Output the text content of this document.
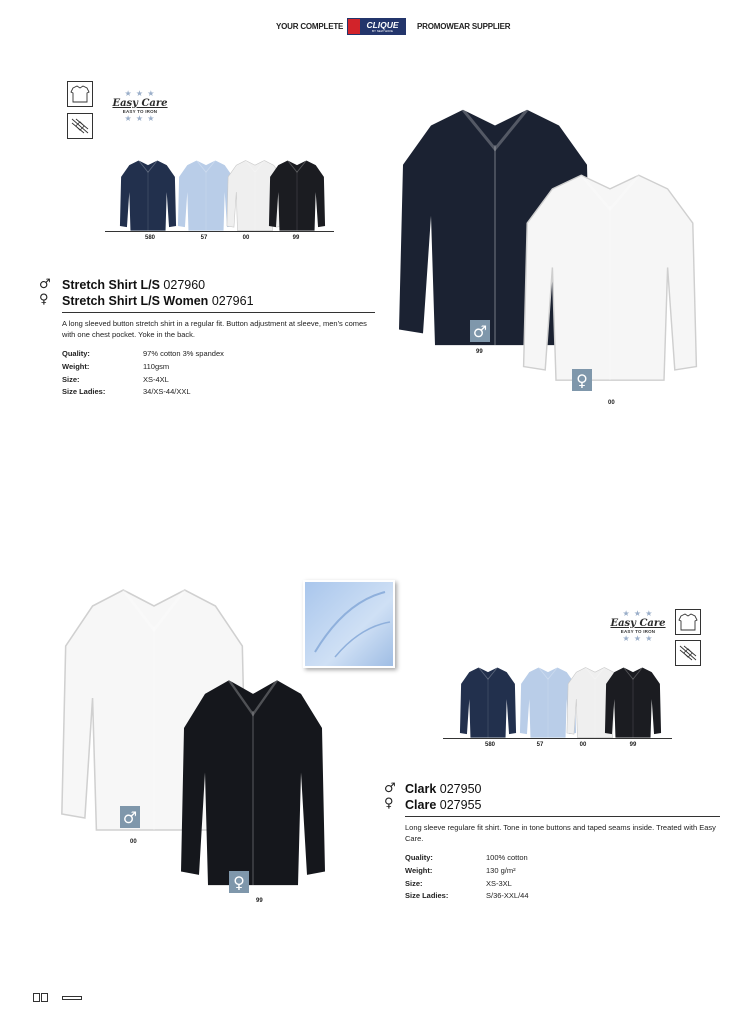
YOUR COMPLETE	CLIQUE
BY NEW WAVE	PROMOWEAR SUPPLIER
★ ★ ★
Easy Care
EASY TO IRON
★ ★ ★
580	57	00	99
♂
♀
Stretch Shirt L/S 027960
Stretch Shirt L/S Women 027961
A long sleeved button stretch shirt in a regular fit. Button adjustment at sleeve, men's comes with one chest pocket. Yoke in the back.
Quality:	97% cotton 3% spandex
Weight:	110gsm
Size:	XS-4XL
Size Ladies:	34/XS-44/XXL
♂
99
♀
00
♂
00
♀
99
★ ★ ★
Easy Care
EASY TO IRON
★ ★ ★
580	57	00	99
♂
♀
Clark 027950
Clare 027955
Long sleeve regulare fit shirt. Tone in tone buttons and taped seams inside. Treated with Easy Care.
Quality:	100% cotton
Weight:	130 g/m²
Size:	XS-3XL
Size Ladies:	S/36-XXL/44
